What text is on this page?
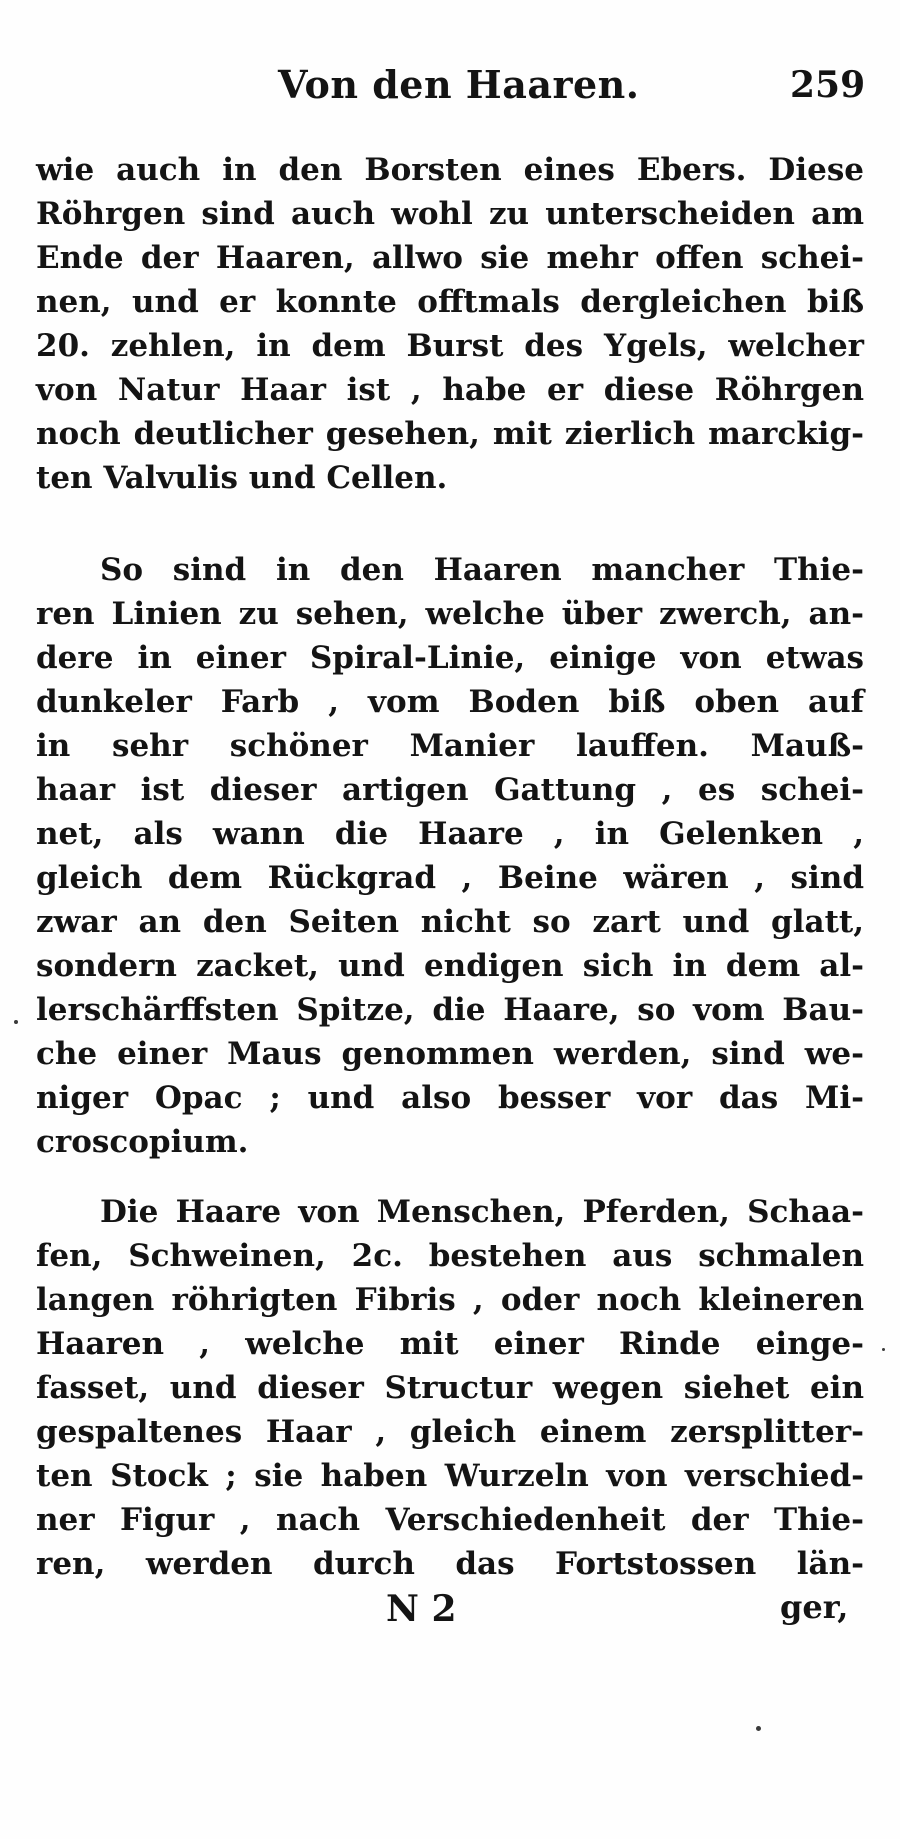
Von den Haaren.	259
wie auch in den Borsten eines Ebers. Diese
Röhrgen sind auch wohl zu unterscheiden am
Ende der Haaren, allwo sie mehr offen schei-
nen, und er konnte offtmals dergleichen biß
20. zehlen, in dem Burst des Ygels, welcher
von Natur Haar ist , habe er diese Röhrgen
noch deutlicher gesehen, mit zierlich marckig-
ten Valvulis und Cellen.
So sind in den Haaren mancher Thie-
ren Linien zu sehen, welche über zwerch, an-
dere in einer Spiral-Linie, einige von etwas
dunkeler Farb , vom Boden biß oben auf
in sehr schöner Manier lauffen. Mauß-
haar ist dieser artigen Gattung , es schei-
net, als wann die Haare , in Gelenken ,
gleich dem Rückgrad , Beine wären , sind
zwar an den Seiten nicht so zart und glatt,
sondern zacket, und endigen sich in dem al-
lerschärffsten Spitze, die Haare, so vom Bau-
che einer Maus genommen werden, sind we-
niger Opac ; und also besser vor das Mi-
croscopium.
Die Haare von Menschen, Pferden, Schaa-
fen, Schweinen, 2c. bestehen aus schmalen
langen röhrigten Fibris , oder noch kleineren
Haaren , welche mit einer Rinde einge-
fasset, und dieser Structur wegen siehet ein
gespaltenes Haar , gleich einem zersplitter-
ten Stock ; sie haben Wurzeln von verschied-
ner Figur , nach Verschiedenheit der Thie-
ren, werden durch das Fortstossen län-
N 2	ger,
